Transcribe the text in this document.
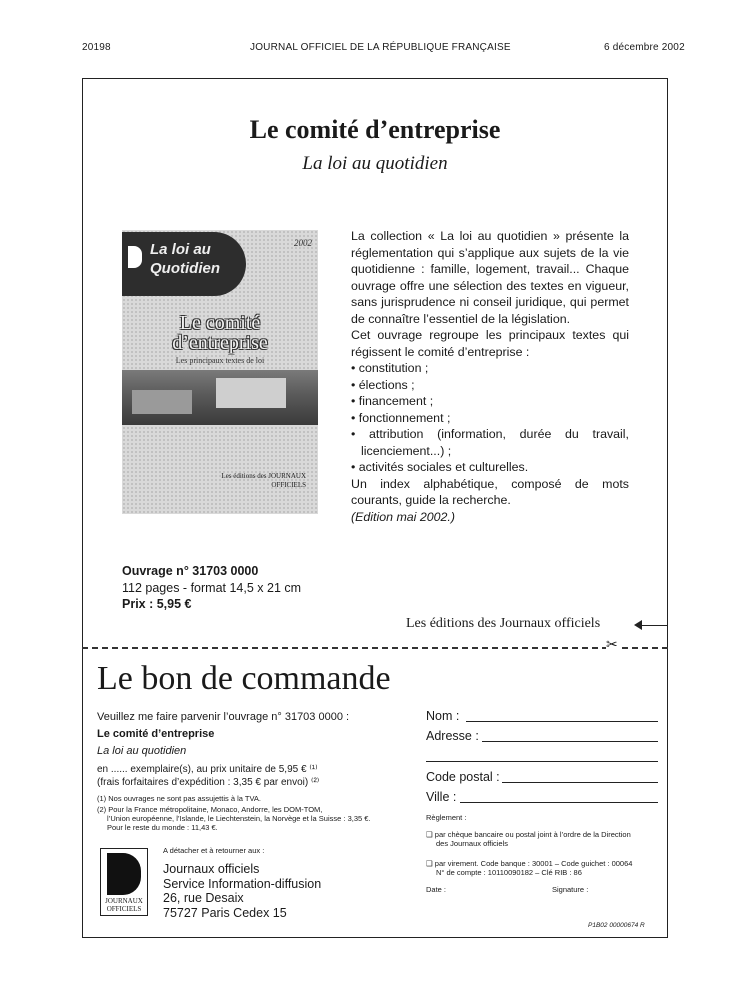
20198	JOURNAL OFFICIEL DE LA RÉPUBLIQUE FRANÇAISE	6 décembre 2002
Le comité d’entreprise
La loi au quotidien
La loi au Quotidien
2002
Le comité
d’entreprise
Les principaux textes de loi
Les éditions des JOURNAUX OFFICIELS

La collection « La loi au quotidien » présente la réglementation qui s’applique aux sujets de la vie quotidienne : famille, logement, travail... Chaque ouvrage offre une sélection des textes en vigueur, sans jurisprudence ni conseil juridique, qui permet de connaître l’essentiel de la législation.

Cet ouvrage regroupe les principaux textes qui régissent le comité d’entreprise :

• constitution ;
• élections ;
• financement ;
• fonctionnement ;
• attribution (information, durée du travail, licenciement...) ;
• activités sociales et culturelles.

Un index alphabétique, composé de mots courants, guide la recherche.

(Edition mai 2002.)

Ouvrage n° 31703 0000
112 pages - format 14,5 x 21 cm
Prix : 5,95 €
Les éditions des Journaux officiels
✂
Le bon de commande
Veuillez me faire parvenir l’ouvrage n° 31703 0000 :
Le comité d’entreprise
La loi au quotidien
en ...... exemplaire(s), au prix unitaire de 5,95 € ⁽¹⁾
(frais forfaitaires d’expédition : 3,35 € par envoi) ⁽²⁾
(1) Nos ouvrages ne sont pas assujettis à la TVA.
(2) Pour la France métropolitaine, Monaco, Andorre, les DOM-TOM,
l’Union européenne, l’Islande, le Liechtenstein, la Norvège et la Suisse : 3,35 €.
Pour le reste du monde : 11,43 €.
A détacher et à retourner aux :
JOURNAUX OFFICIELS
Journaux officiels
Service Information-diffusion
26, rue Desaix
75727 Paris Cedex 15
Nom :
Adresse :
Code postal :
Ville :
Règlement :
❑ par chèque bancaire ou postal joint à l’ordre de la Direction
des Journaux officiels
❑ par virement. Code banque : 30001 – Code guichet : 00064
N° de compte : 10110090182 – Clé RIB : 86
Date :	Signature :
P1B02 00000674 R
